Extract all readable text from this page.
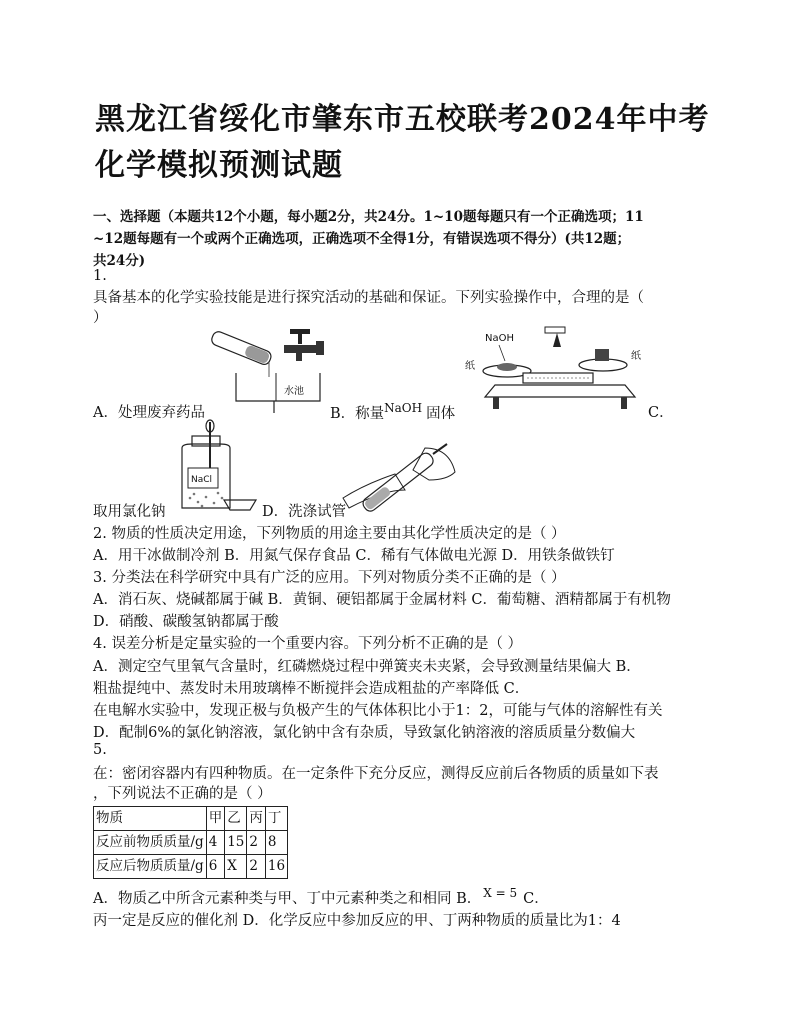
黑龙江省绥化市肇东市五校联考2024年中考
化学模拟预测试题
一、选择题（本题共12个小题，每小题2分，共24分。1~10题每题只有一个正确选项；11
~12题每题有一个或两个正确选项，正确选项不全得1分，有错误选项不得分）(共12题；
共24分)
1.
具备基本的化学实验技能是进行探究活动的基础和保证。下列实验操作中，合理的是（
）
水池
NaOH
纸
纸
A．处理废弃药品	B．称量$^{NaOH}$ 固体	C．
NaCl
取用氯化钠	D．洗涤试管
2. 物质的性质决定用途，下列物质的用途主要由其化学性质决定的是（ ）
A．用干冰做制冷剂 B．用氮气保存食品 C．稀有气体做电光源 D．用铁条做铁钉
3. 分类法在科学研究中具有广泛的应用。下列对物质分类不正确的是（ ）
A．消石灰、烧碱都属于碱 B．黄铜、硬铝都属于金属材料 C．葡萄糖、酒精都属于有机物
D．硝酸、碳酸氢钠都属于酸
4. 误差分析是定量实验的一个重要内容。下列分析不正确的是（ ）
A．测定空气里氧气含量时，红磷燃烧过程中弹簧夹未夹紧，会导致测量结果偏大 B．
粗盐提纯中、蒸发时未用玻璃棒不断搅拌会造成粗盐的产率降低 C．
在电解水实验中，发现正极与负极产生的气体体积比小于1：2，可能与气体的溶解性有关
D．配制6%的氯化钠溶液，氯化钠中含有杂质，导致氯化钠溶液的溶质质量分数偏大
5.
在：密闭容器内有四种物质。在一定条件下充分反应，测得反应前后各物质的质量如下表
，下列说法不正确的是（ ）
物质	甲	乙	丙	丁
反应前物质质量/g	4	15	2	8
反应后物质质量/g	6	X	2	16
A．物质乙中所含元素种类与甲、丁中元素种类之和相同 B． $^{X = 5}$ C．
丙一定是反应的催化剂 D．化学反应中参加反应的甲、丁两种物质的质量比为1：4
